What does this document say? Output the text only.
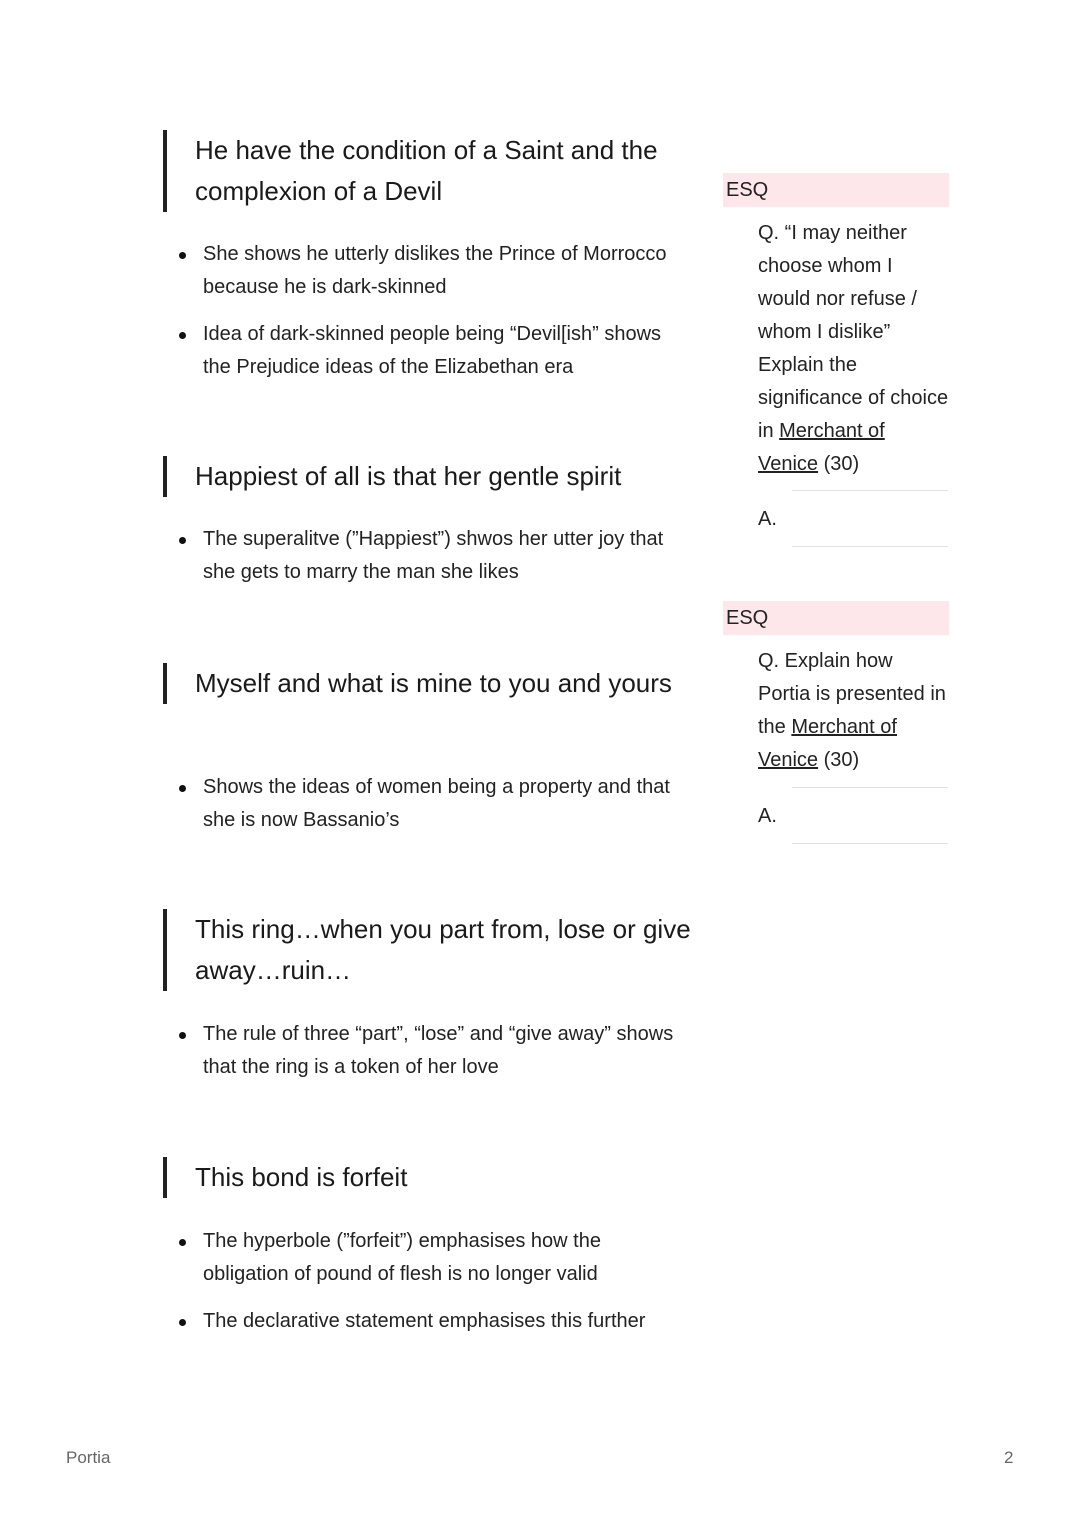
He have the condition of a Saint and the complexion of a Devil
She shows he utterly dislikes the Prince of Morrocco because he is dark-skinned
Idea of dark-skinned people being “Devil[ish” shows the Prejudice ideas of the Elizabethan era
Happiest of all is that her gentle spirit
The superalitve (”Happiest”) shwos her utter joy that she gets to marry the man she likes
Myself and what is mine to you and yours
Shows the ideas of women being a property and that she is now Bassanio’s
This ring…when you part from, lose or give away…ruin…
The rule of three “part”, “lose” and “give away” shows that the ring is a token of her love
This bond is forfeit
The hyperbole (”forfeit”) emphasises how the obligation of pound of flesh is no longer valid
The declarative statement emphasises this further
ESQ
Q. “I may neither choose whom I would nor refuse / whom I dislike” Explain the significance of choice in Merchant of Venice (30)
A.
ESQ
Q. Explain how Portia is presented in the Merchant of Venice (30)
A.
Portia	2
